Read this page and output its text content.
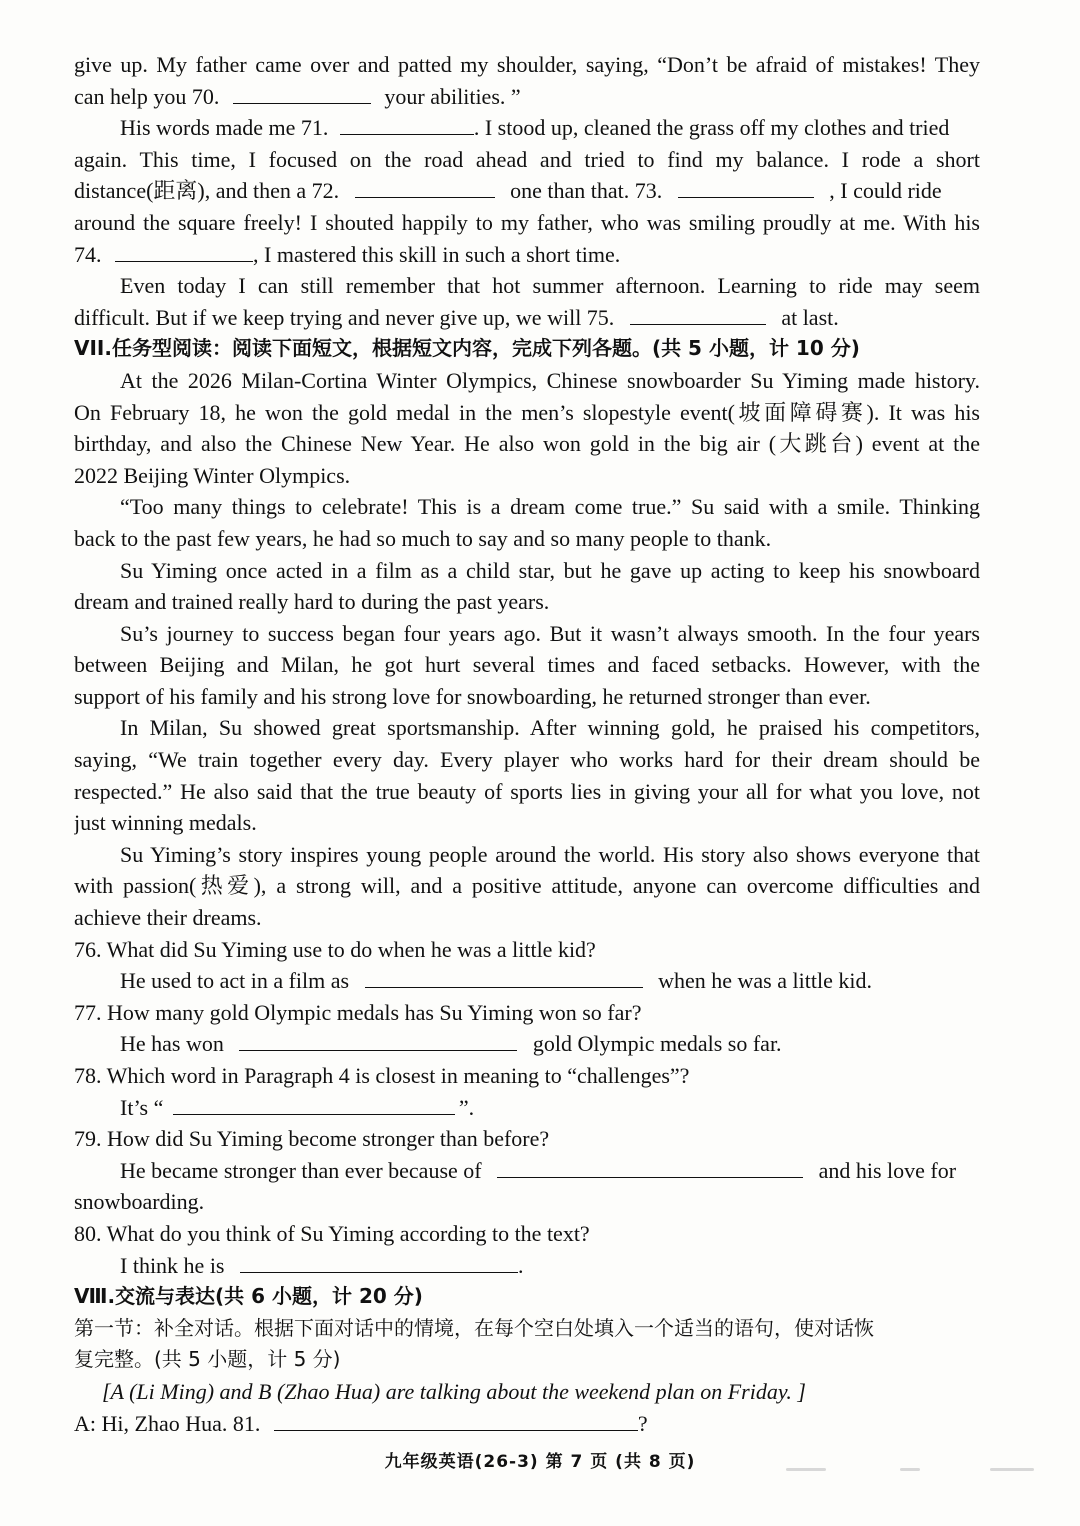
give up. My father came over and patted my shoulder, saying, “Don’t be afraid of mistakes! They
can help you 70.	your abilities. ”
His words made me 71.	. I stood up, cleaned the grass off my clothes and tried
again. This time, I focused on the road ahead and tried to find my balance. I rode a short
distance(距离), and then a 72.	one than that. 73.	, I could ride
around the square freely! I shouted happily to my father, who was smiling proudly at me. With his
74.	, I mastered this skill in such a short time.
Even today I can still remember that hot summer afternoon. Learning to ride may seem
difficult. But if we keep trying and never give up, we will 75.	at last.
VII.任务型阅读：阅读下面短文，根据短文内容，完成下列各题。(共 5 小题，计 10 分)
At the 2026 Milan-Cortina Winter Olympics, Chinese snowboarder Su Yiming made history.
On February 18, he won the gold medal in the men’s slopestyle event(坡面障碍赛). It was his
birthday, and also the Chinese New Year. He also won gold in the big air (大跳台) event at the
2022 Beijing Winter Olympics.
“Too many things to celebrate! This is a dream come true.” Su said with a smile. Thinking
back to the past few years, he had so much to say and so many people to thank.
Su Yiming once acted in a film as a child star, but he gave up acting to keep his snowboard
dream and trained really hard to during the past years.
Su’s journey to success began four years ago. But it wasn’t always smooth. In the four years
between Beijing and Milan, he got hurt several times and faced setbacks. However, with the
support of his family and his strong love for snowboarding, he returned stronger than ever.
In Milan, Su showed great sportsmanship. After winning gold, he praised his competitors,
saying, “We train together every day. Every player who works hard for their dream should be
respected.” He also said that the true beauty of sports lies in giving your all for what you love, not
just winning medals.
Su Yiming’s story inspires young people around the world. His story also shows everyone that
with passion(热爱), a strong will, and a positive attitude, anyone can overcome difficulties and
achieve their dreams.
76. What did Su Yiming use to do when he was a little kid?
He used to act in a film as	when he was a little kid.
77. How many gold Olympic medals has Su Yiming won so far?
He has won	gold Olympic medals so far.
78. Which word in Paragraph 4 is closest in meaning to “challenges”?
It’s “	”.
79. How did Su Yiming become stronger than before?
He became stronger than ever because of	and his love for
snowboarding.
80. What do you think of Su Yiming according to the text?
I think he is	.
Ⅷ.交流与表达(共 6 小题，计 20 分)
第一节：补全对话。根据下面对话中的情境，在每个空白处填入一个适当的语句，使对话恢
复完整。(共 5 小题，计 5 分)
[A (Li Ming) and B (Zhao Hua) are talking about the weekend plan on Friday. ]
A: Hi, Zhao Hua. 81.	?
九年级英语(26-3) 第 7 页 (共 8 页)
